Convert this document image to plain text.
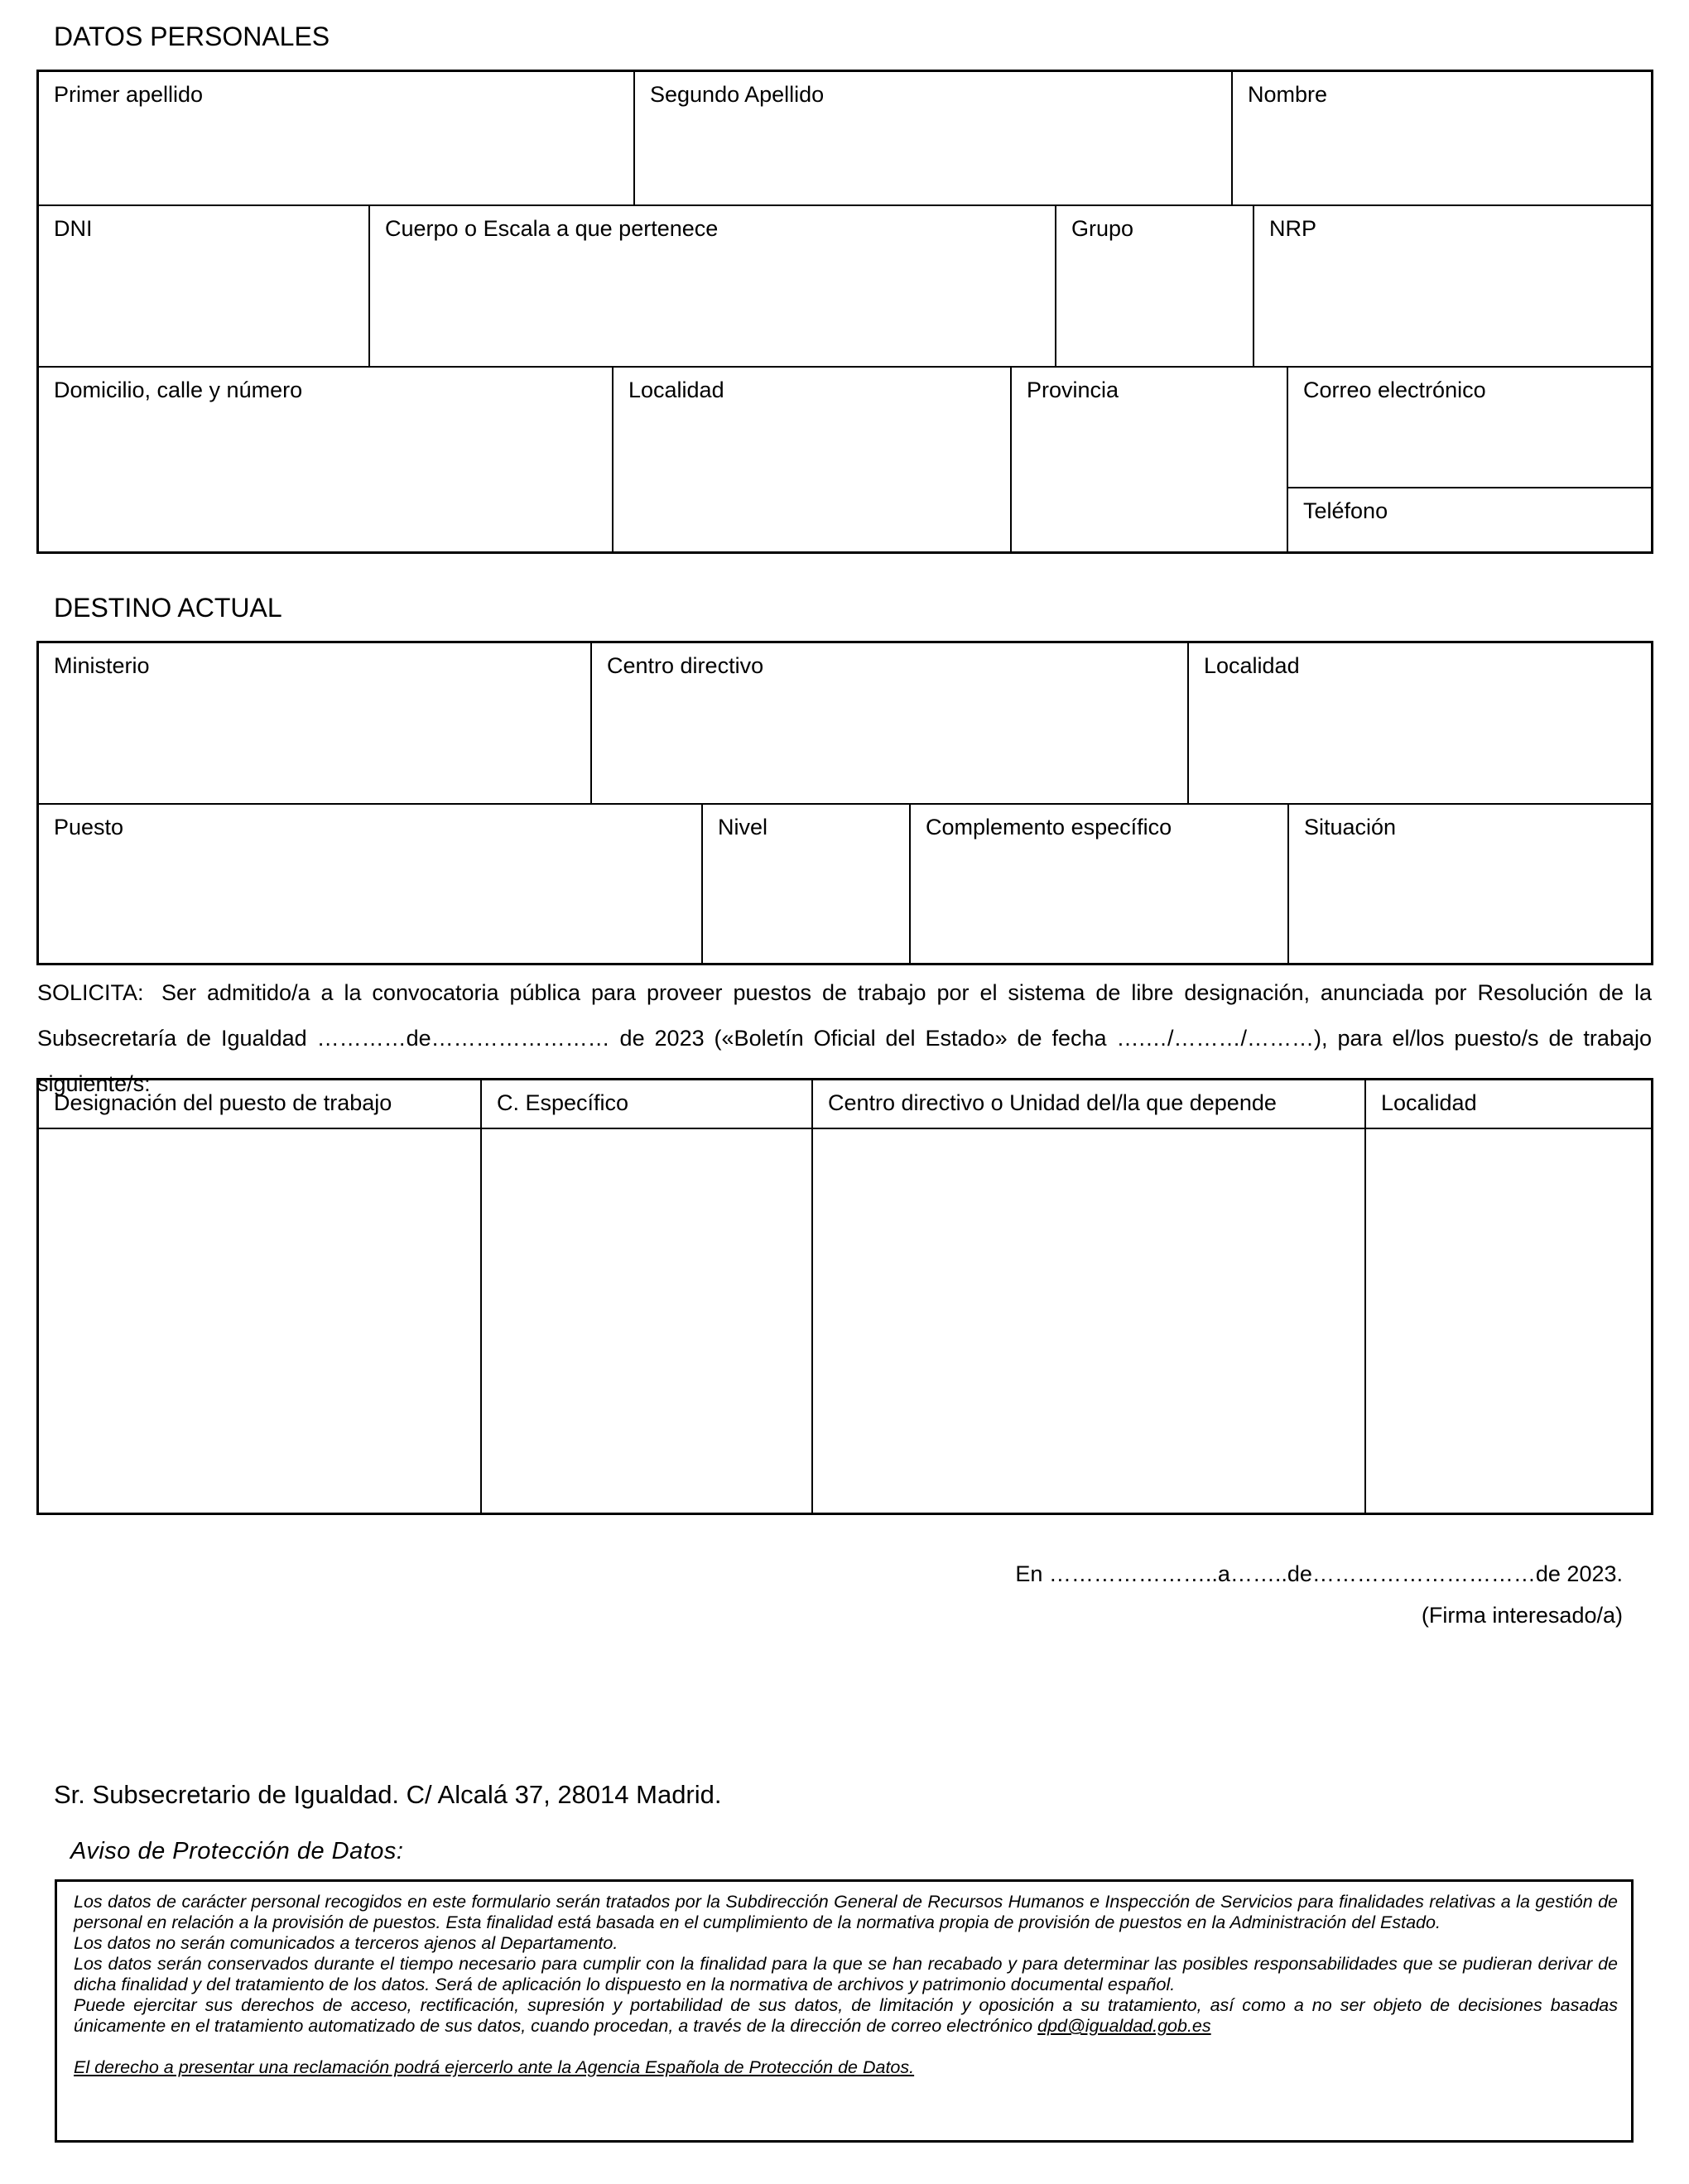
DATOS PERSONALES
Primer apellido	Segundo Apellido	Nombre
DNI	Cuerpo o Escala a que pertenece	Grupo	NRP
Domicilio, calle y número	Localidad	Provincia	Correo electrónico
Teléfono
DESTINO ACTUAL
Ministerio	Centro directivo	Localidad
Puesto	Nivel	Complemento específico	Situación
SOLICITA: Ser admitido/a a la convocatoria pública para proveer puestos de trabajo por el sistema de libre designación, anunciada por Resolución de la Subsecretaría de Igualdad …………de…………………… de 2023 («Boletín Oficial del Estado» de fecha ….…/………/………), para el/los puesto/s de trabajo siguiente/s:
Designación del puesto de trabajo	C. Específico	Centro directivo o Unidad del/la que depende	Localidad
En …………………..a……..de…………………………de 2023.
(Firma interesado/a)
Sr. Subsecretario de Igualdad. C/ Alcalá 37, 28014 Madrid.
Aviso de Protección de Datos:

Los datos de carácter personal recogidos en este formulario serán tratados por la Subdirección General de Recursos Humanos e Inspección de Servicios para finalidades relativas a la gestión de personal en relación a la provisión de puestos. Esta finalidad está basada en el cumplimiento de la normativa propia de provisión de puestos en la Administración del Estado.

Los datos no serán comunicados a terceros ajenos al Departamento.

Los datos serán conservados durante el tiempo necesario para cumplir con la finalidad para la que se han recabado y para determinar las posibles responsabilidades que se pudieran derivar de dicha finalidad y del tratamiento de los datos. Será de aplicación lo dispuesto en la normativa de archivos y patrimonio documental español.

Puede ejercitar sus derechos de acceso, rectificación, supresión y portabilidad de sus datos, de limitación y oposición a su tratamiento, así como a no ser objeto de decisiones basadas únicamente en el tratamiento automatizado de sus datos, cuando procedan, a través de la dirección de correo electrónico dpd@igualdad.gob.es

El derecho a presentar una reclamación podrá ejercerlo ante la Agencia Española de Protección de Datos.
